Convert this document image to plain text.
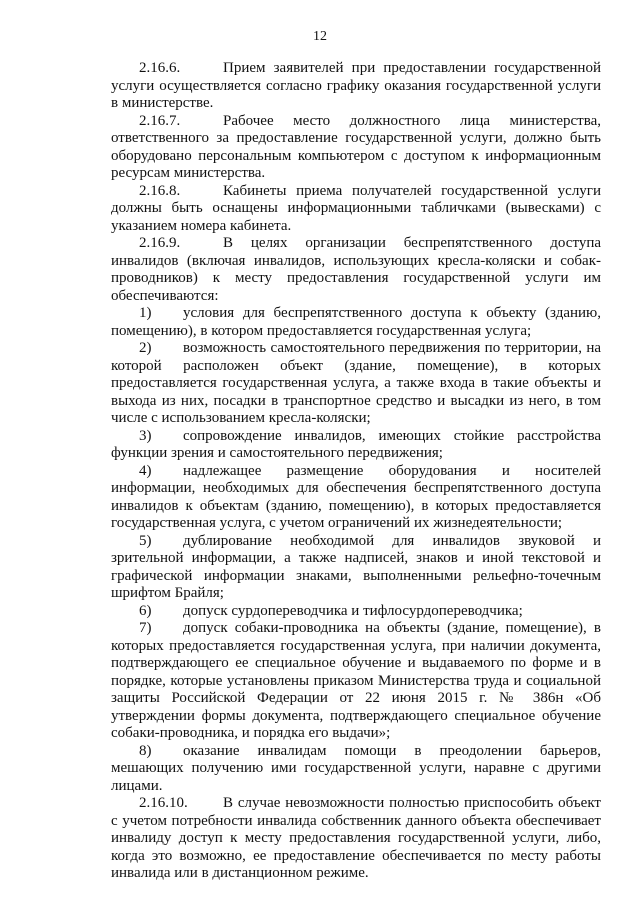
12

2.16.6.	Прием заявителей при предоставлении государственной услуги осуществляется согласно графику оказания государственной услуги в министерстве.

2.16.7.	Рабочее место должностного лица министерства, ответственного за предоставление государственной услуги, должно быть оборудовано персональным компьютером с доступом к информационным ресурсам министерства.

2.16.8.	Кабинеты приема получателей государственной услуги должны быть оснащены информационными табличками (вывесками) с указанием номера кабинета.

2.16.9.	В целях организации беспрепятственного доступа инвалидов (включая инвалидов, использующих кресла-коляски и собак-проводников) к месту предоставления государственной услуги им обеспечиваются:

1) условия для беспрепятственного доступа к объекту (зданию, помещению), в котором предоставляется государственная услуга;

2) возможность самостоятельного передвижения по территории, на которой расположен объект (здание, помещение), в которых предоставляется государственная услуга, а также входа в такие объекты и выхода из них, посадки в транспортное средство и высадки из него, в том числе с использованием кресла-коляски;

3) сопровождение инвалидов, имеющих стойкие расстройства функции зрения и самостоятельного передвижения;

4) надлежащее размещение оборудования и носителей информации, необходимых для обеспечения беспрепятственного доступа инвалидов к объектам (зданию, помещению), в которых предоставляется государственная услуга, с учетом ограничений их жизнедеятельности;

5) дублирование необходимой для инвалидов звуковой и зрительной информации, а также надписей, знаков и иной текстовой и графической информации знаками, выполненными рельефно-точечным шрифтом Брайля;

6) допуск сурдопереводчика и тифлосурдопереводчика;

7) допуск собаки-проводника на объекты (здание, помещение), в которых предоставляется государственная услуга, при наличии документа, подтверждающего ее специальное обучение и выдаваемого по форме и в порядке, которые установлены приказом Министерства труда и социальной защиты Российской Федерации от 22 июня 2015 г. № 386н «Об утверждении формы документа, подтверждающего специальное обучение собаки-проводника, и порядка его выдачи»;

8) оказание инвалидам помощи в преодолении барьеров, мешающих получению ими государственной услуги, наравне с другими лицами.

2.16.10. В случае невозможности полностью приспособить объект с учетом потребности инвалида собственник данного объекта обеспечивает инвалиду доступ к месту предоставления государственной услуги, либо, когда это возможно, ее предоставление обеспечивается по месту работы инвалида или в дистанционном режиме.
